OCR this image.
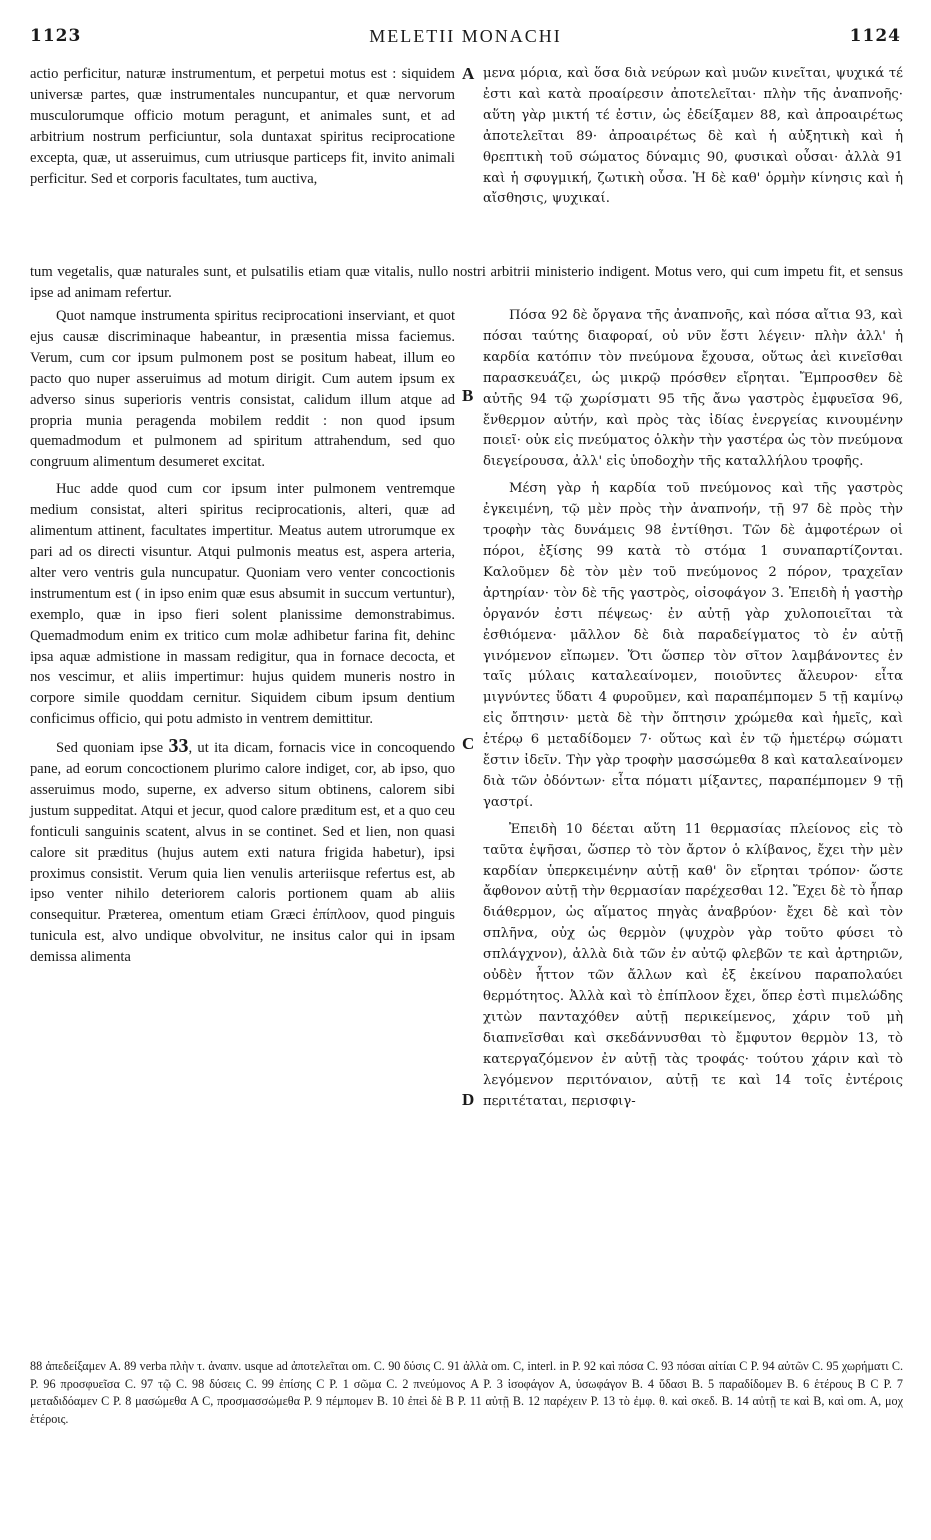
1123	MELETII MONACHI	1124
A
B
C
D

actio perficitur, naturæ instrumentum, et perpetui motus est : siquidem universæ partes, quæ instrumentales nuncupantur, et quæ nervorum musculorumque officio motum peragunt, et animales sunt, et ad arbitrium nostrum perficiuntur, sola duntaxat spiritus reciprocatione excepta, quæ, ut asseruimus, cum utriusque particeps fit, invito animali perficitur. Sed et corporis facultates, tum auctiva,

μενα μόρια, καὶ ὅσα διὰ νεύρων καὶ μυῶν κινεῖται, ψυχικά τέ ἐστι καὶ κατὰ προαίρεσιν ἀποτελεῖται· πλὴν τῆς ἀναπνοῆς· αὕτη γὰρ μικτή τέ ἐστιν, ὡς ἐδείξαμεν 88, καὶ ἀπροαιρέτως ἀποτελεῖται 89· ἀπροαιρέτως δὲ καὶ ἡ αὐξητικὴ καὶ ἡ θρεπτικὴ τοῦ σώματος δύναμις 90, φυσικαὶ οὖσαι· ἀλλὰ 91 καὶ ἡ σφυγμική, ζωτικὴ οὖσα. Ἡ δὲ καθ' ὁρμὴν κίνησις καὶ ἡ αἴσθησις, ψυχικαί.

tum vegetalis, quæ naturales sunt, et pulsatilis etiam quæ vitalis, nullo nostri arbitrii ministerio indigent. Motus vero, qui cum impetu fit, et sensus ipse ad animam refertur.

Quot namque instrumenta spiritus reciprocationi inserviant, et quot ejus causæ discriminaque habeantur, in præsentia missa faciemus. Verum, cum cor ipsum pulmonem post se positum habeat, illum eo pacto quo nuper asseruimus ad motum dirigit. Cum autem ipsum ex adverso sinus superioris ventris consistat, calidum illum atque ad propria munia peragenda mobilem reddit : non quod ipsum quemadmodum et pulmonem ad spiritum attrahendum, sed quo congruum alimentum desumeret excitat.

Huc adde quod cum cor ipsum inter pulmonem ventremque medium consistat, alteri spiritus reciprocationis, alteri, quæ ad alimentum attinent, facultates impertitur. Meatus autem utrorumque ex pari ad os directi visuntur. Atqui pulmonis meatus est, aspera arteria, alter vero ventris gula nuncupatur. Quoniam vero venter concoctionis instrumentum est ( in ipso enim quæ esus absumit in succum vertuntur), exemplo, quæ in ipso fieri solent planissime demonstrabimus. Quemadmodum enim ex tritico cum molæ adhibetur farina fit, dehinc ipsa aquæ admistione in massam redigitur, qua in fornace decocta, et nos vescimur, et aliis impertimur: hujus quidem muneris nostro in corpore simile quoddam cernitur. Siquidem cibum ipsum dentium conficimus officio, qui potu admisto in ventrem demittitur.

Sed quoniam ipse 33, ut ita dicam, fornacis vice in concoquendo pane, ad eorum concoctionem plurimo calore indiget, cor, ab ipso, quo asseruimus modo, superne, ex adverso situm obtinens, calorem sibi justum suppeditat. Atqui et jecur, quod calore præditum est, et a quo ceu fonticuli sanguinis scatent, alvus in se continet. Sed et lien, non quasi calore sit præditus (hujus autem exti natura frigida habetur), ipsi proximus consistit. Verum quia lien venulis arteriisque refertus est, ab ipso venter nihilo deteriorem caloris portionem quam ab aliis consequitur. Præterea, omentum etiam Græci ἐπίπλοον, quod pinguis tunicula est, alvo undique obvolvitur, ne insitus calor qui in ipsam demissa alimenta

Πόσα 92 δὲ ὄργανα τῆς ἀναπνοῆς, καὶ πόσα αἴτια 93, καὶ πόσαι ταύτης διαφοραί, οὐ νῦν ἔστι λέγειν· πλὴν ἀλλ' ἡ καρδία κατόπιν τὸν πνεύμονα ἔχουσα, οὕτως ἀεὶ κινεῖσθαι παρασκευάζει, ὡς μικρῷ πρόσθεν εἴρηται. Ἔμπροσθεν δὲ αὐτῆς 94 τῷ χωρίσματι 95 τῆς ἄνω γαστρὸς ἐμφυεῖσα 96, ἔνθερμον αὐτήν, καὶ πρὸς τὰς ἰδίας ἐνεργείας κινουμένην ποιεῖ· οὐκ εἰς πνεύματος ὁλκὴν τὴν γαστέρα ὡς τὸν πνεύμονα διεγείρουσα, ἀλλ' εἰς ὑποδοχὴν τῆς καταλλήλου τροφῆς.

Μέση γὰρ ἡ καρδία τοῦ πνεύμονος καὶ τῆς γαστρὸς ἐγκειμένη, τῷ μὲν πρὸς τὴν ἀναπνοήν, τῇ 97 δὲ πρὸς τὴν τροφὴν τὰς δυνάμεις 98 ἐντίθησι. Τῶν δὲ ἀμφοτέρων οἱ πόροι, ἐξίσης 99 κατὰ τὸ στόμα 1 συναπαρτίζονται. Καλοῦμεν δὲ τὸν μὲν τοῦ πνεύμονος 2 πόρον, τραχεῖαν ἀρτηρίαν· τὸν δὲ τῆς γαστρὸς, οἰσοφάγον 3. Ἐπειδὴ ἡ γαστὴρ ὀργανόν ἐστι πέψεως· ἐν αὐτῇ γὰρ χυλοποιεῖται τὰ ἐσθιόμενα· μᾶλλον δὲ διὰ παραδείγματος τὸ ἐν αὐτῇ γινόμενον εἴπωμεν. Ὅτι ὥσπερ τὸν σῖτον λαμβάνοντες ἐν ταῖς μύλαις καταλεαίνομεν, ποιοῦντες ἄλευρον· εἶτα μιγνύντες ὕδατι 4 φυροῦμεν, καὶ παραπέμπομεν 5 τῇ καμίνῳ εἰς ὄπτησιν· μετὰ δὲ τὴν ὄπτησιν χρώμεθα καὶ ἡμεῖς, καὶ ἑτέρῳ 6 μεταδίδομεν 7· οὕτως καὶ ἐν τῷ ἡμετέρῳ σώματι ἔστιν ἰδεῖν. Τὴν γὰρ τροφὴν μασσώμεθα 8 καὶ καταλεαίνομεν διὰ τῶν ὀδόντων· εἶτα πόματι μίξαντες, παραπέμπομεν 9 τῇ γαστρί.

Ἐπειδὴ 10 δέεται αὕτη 11 θερμασίας πλείονος εἰς τὸ ταῦτα ἑψῆσαι, ὥσπερ τὸ τὸν ἄρτον ὁ κλίβανος, ἔχει τὴν μὲν καρδίαν ὑπερκειμένην αὐτῇ καθ' ὃν εἴρηται τρόπον· ὥστε ἄφθονον αὐτῇ τὴν θερμασίαν παρέχεσθαι 12. Ἔχει δὲ τὸ ἧπαρ διάθερμον, ὡς αἵματος πηγὰς ἀναβρύον· ἔχει δὲ καὶ τὸν σπλῆνα, οὐχ ὡς θερμὸν (ψυχρὸν γὰρ τοῦτο φύσει τὸ σπλάγχνον), ἀλλὰ διὰ τῶν ἐν αὐτῷ φλεβῶν τε καὶ ἀρτηριῶν, οὐδὲν ἧττον τῶν ἄλλων καὶ ἐξ ἐκείνου παραπολαύει θερμότητος. Ἀλλὰ καὶ τὸ ἐπίπλοον ἔχει, ὅπερ ἐστὶ πιμελώδης χιτὼν πανταχόθεν αὐτῇ περικείμενος, χάριν τοῦ μὴ διαπνεῖσθαι καὶ σκεδάννυσθαι τὸ ἔμφυτον θερμὸν 13, τὸ κατεργαζόμενον ἐν αὐτῇ τὰς τροφάς· τούτου χάριν καὶ τὸ λεγόμενον περιτόναιον, αὐτῇ τε καὶ 14 τοῖς ἐντέροις περιτέταται, περισφιγ-

88 ἀπεδείξαμεν A. 89 verba πλὴν τ. ἀναπν. usque ad ἀποτελεῖται om. C. 90 δύσις C. 91 ἀλλὰ om. C, interl. in P. 92 καὶ πόσα C. 93 πόσαι αἰτίαι C P. 94 αὐτῶν C. 95 χωρήματι C. P. 96 προσφυεῖσα C. 97 τῷ C. 98 δύσεις C. 99 ἐπίσης C P. 1 σῶμα C. 2 πνεύμονος A P. 3 ἰσοφάγον A, ὑσωφάγον B. 4 ὕδασι B. 5 παραδίδομεν B. 6 ἑτέρους B C P. 7 μεταδιδόαμεν C P. 8 μασώμεθα A C, προσμασσώμεθα P. 9 πέμπομεν B. 10 ἐπεὶ δὲ B P. 11 αὐτῇ B. 12 παρέχειν P. 13 τὸ ἐμφ. θ. καὶ σκεδ. B. 14 αὐτῇ τε καὶ B, καὶ om. A, μοχ ἑτέροις.
